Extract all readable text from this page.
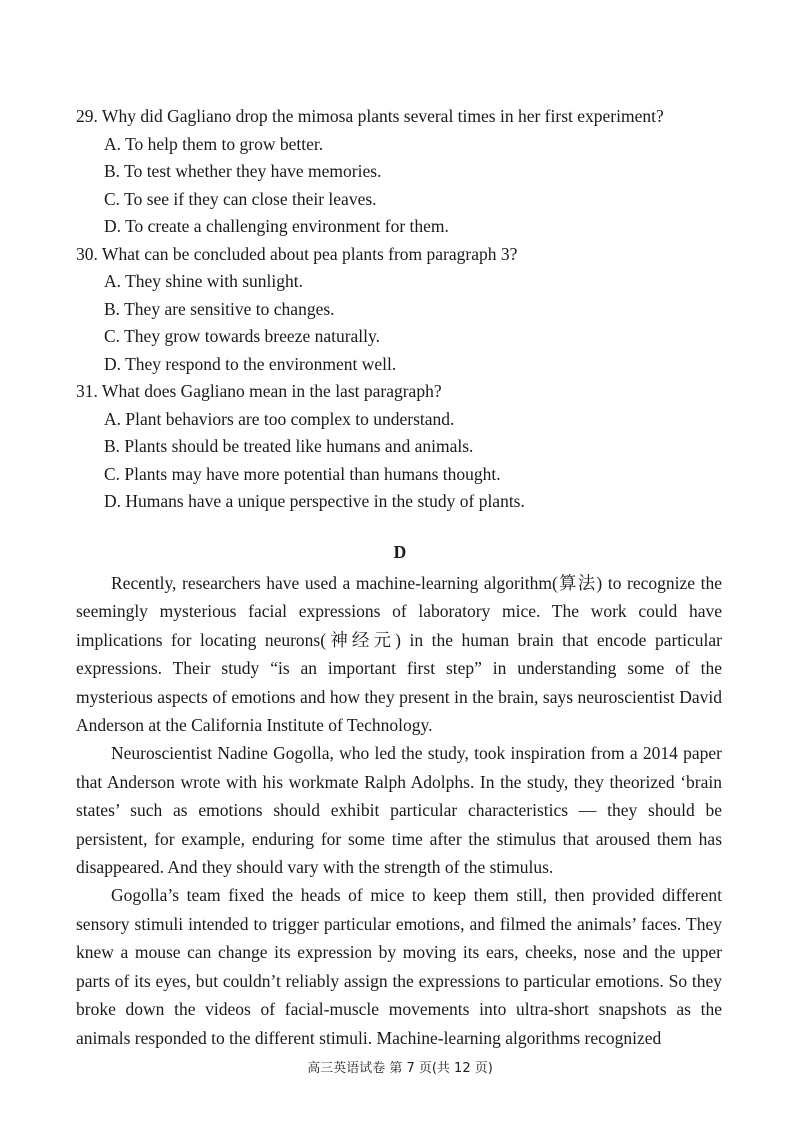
29. Why did Gagliano drop the mimosa plants several times in her first experiment?
A. To help them to grow better.
B. To test whether they have memories.
C. To see if they can close their leaves.
D. To create a challenging environment for them.
30. What can be concluded about pea plants from paragraph 3?
A. They shine with sunlight.
B. They are sensitive to changes.
C. They grow towards breeze naturally.
D. They respond to the environment well.
31. What does Gagliano mean in the last paragraph?
A. Plant behaviors are too complex to understand.
B. Plants should be treated like humans and animals.
C. Plants may have more potential than humans thought.
D. Humans have a unique perspective in the study of plants.
D

Recently, researchers have used a machine-learning algorithm(算法) to recognize the seemingly mysterious facial expressions of laboratory mice. The work could have implications for locating neurons(神经元) in the human brain that encode particular expressions. Their study “is an important first step” in understanding some of the mysterious aspects of emotions and how they present in the brain, says neuroscientist David Anderson at the California Institute of Technology.

Neuroscientist Nadine Gogolla, who led the study, took inspiration from a 2014 paper that Anderson wrote with his workmate Ralph Adolphs. In the study, they theorized ‘brain states’ such as emotions should exhibit particular characteristics — they should be persistent, for example, enduring for some time after the stimulus that aroused them has disappeared. And they should vary with the strength of the stimulus.

Gogolla’s team fixed the heads of mice to keep them still, then provided different sensory stimuli intended to trigger particular emotions, and filmed the animals’ faces. They knew a mouse can change its expression by moving its ears, cheeks, nose and the upper parts of its eyes, but couldn’t reliably assign the expressions to particular emotions. So they broke down the videos of facial-muscle movements into ultra-short snapshots as the animals responded to the different stimuli. Machine-learning algorithms recognized

高三英语试卷 第 7 页(共 12 页)
